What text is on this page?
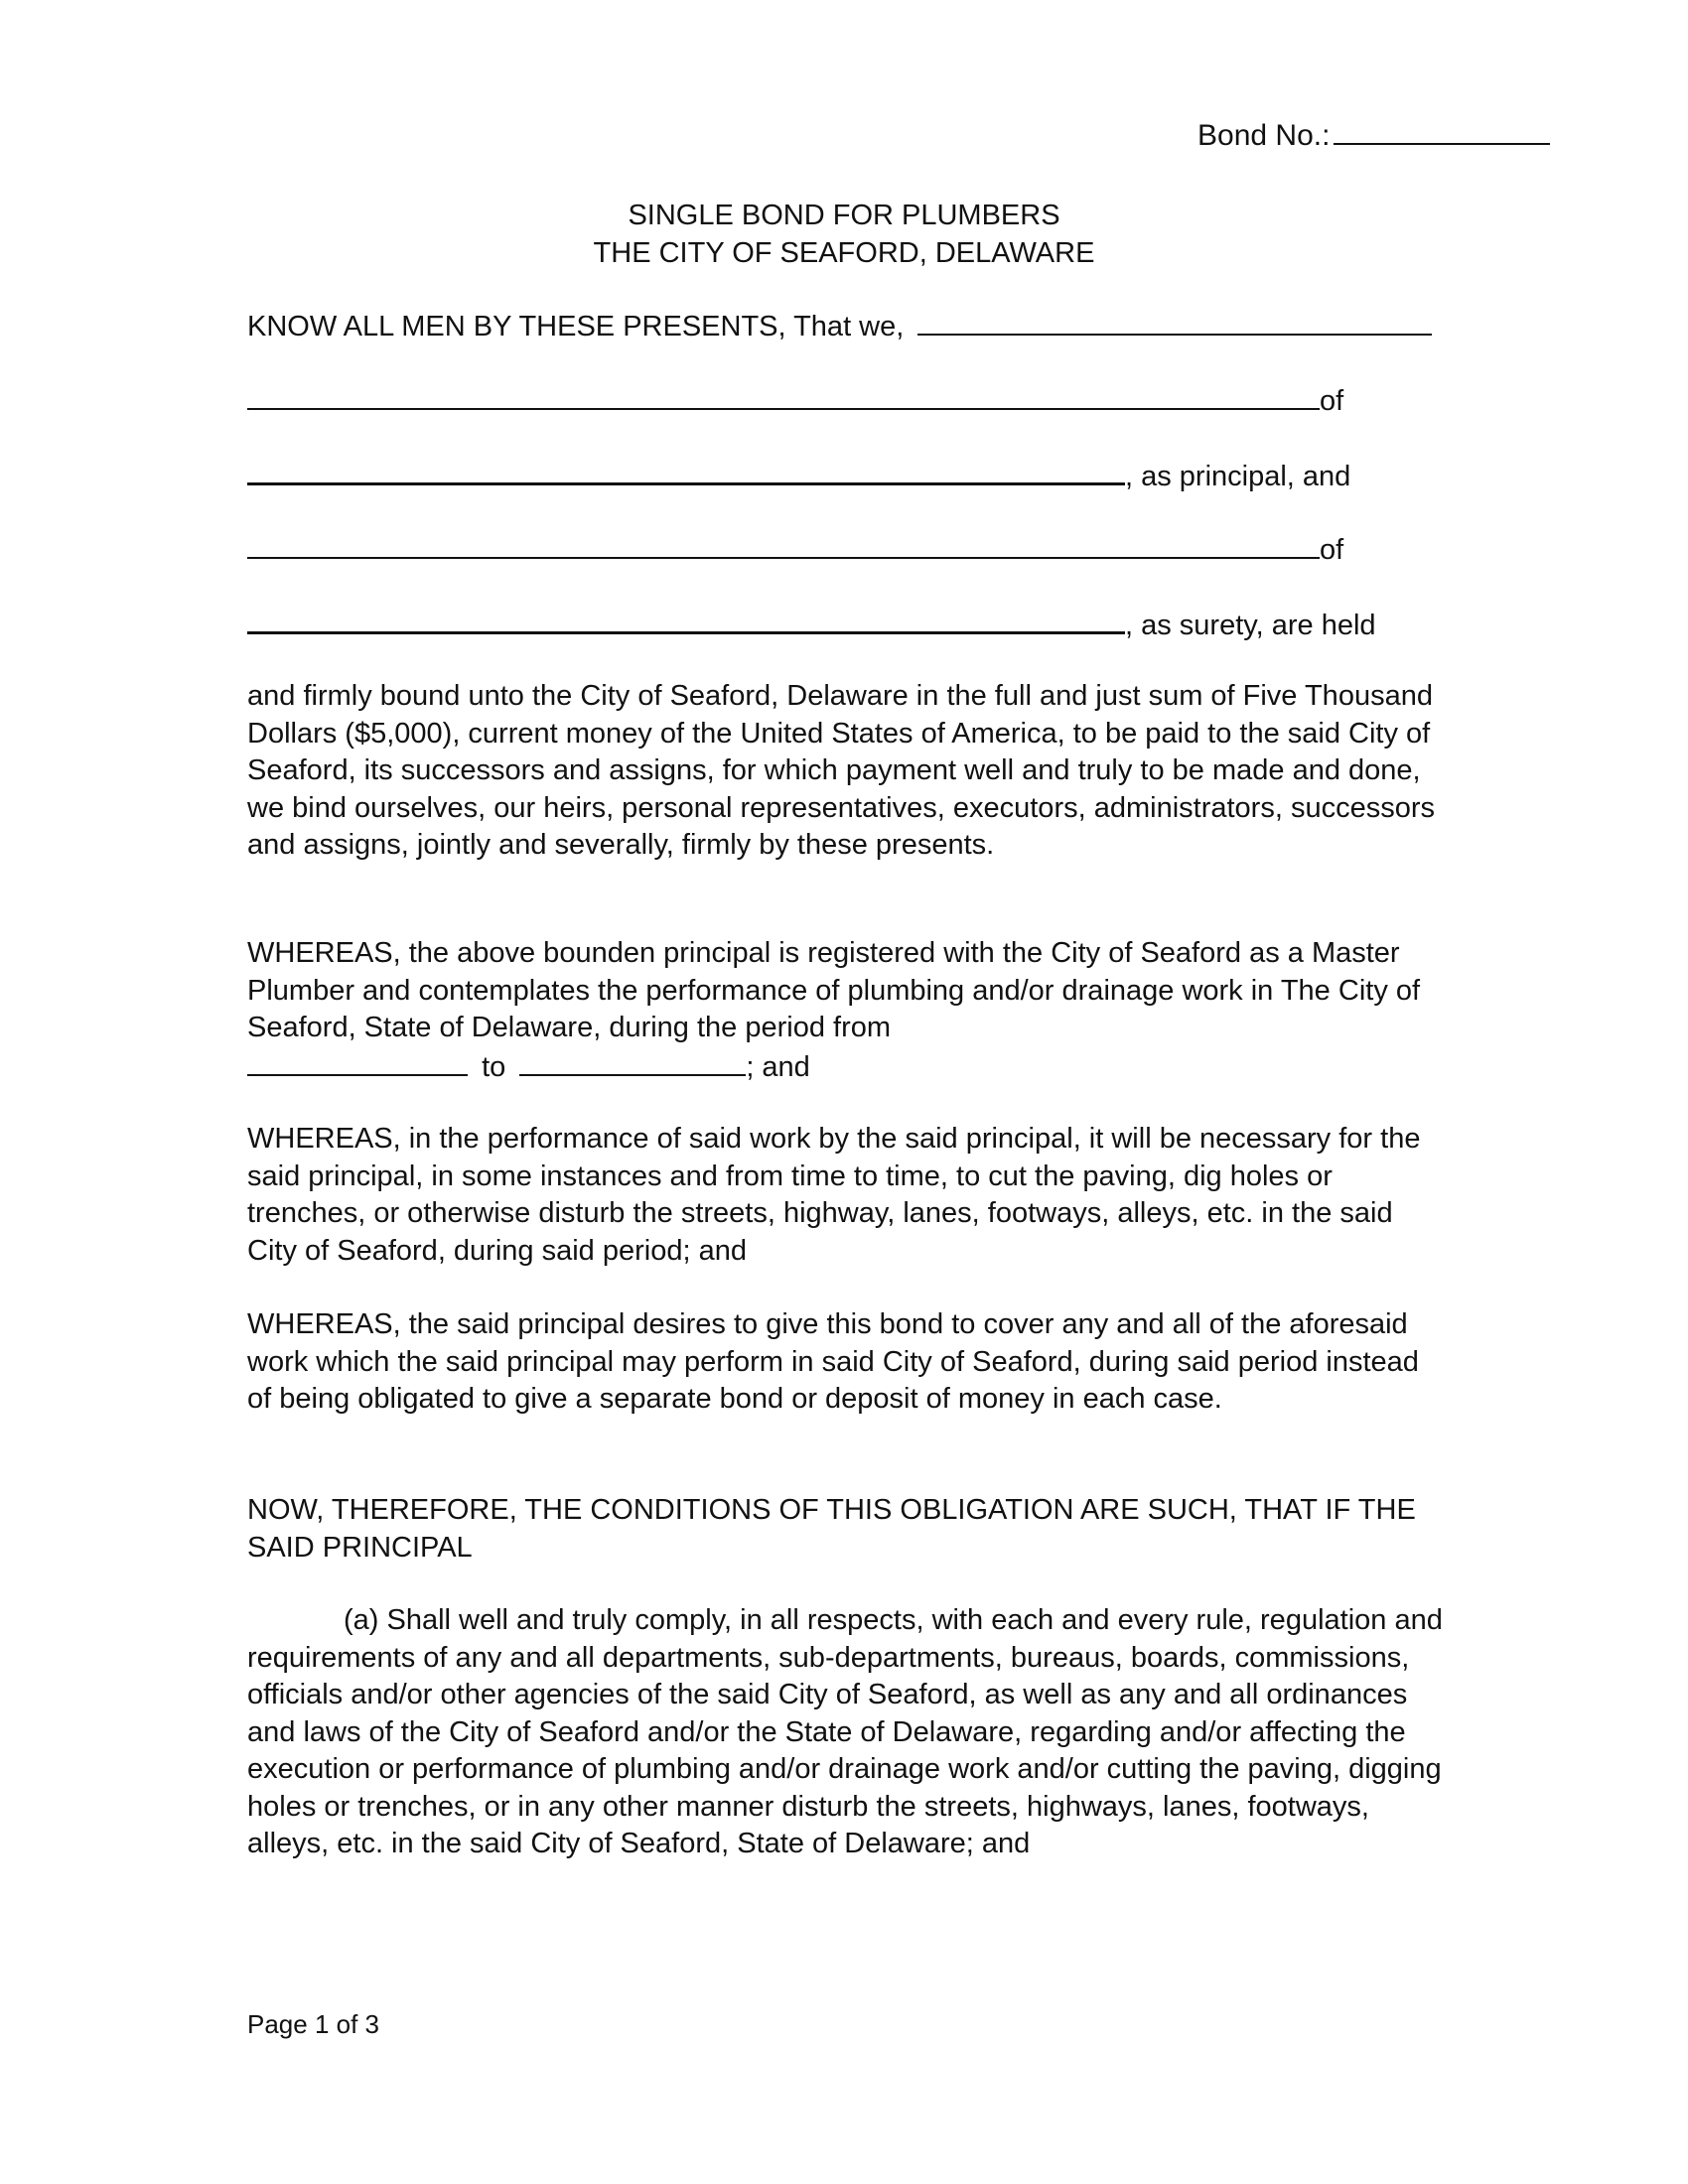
Bond No.:
SINGLE BOND FOR PLUMBERS
THE CITY OF SEAFORD, DELAWARE
KNOW ALL MEN BY THESE PRESENTS, That we,
of
, as principal, and
of
, as surety, are held
and firmly bound unto the City of Seaford, Delaware in the full and just sum of Five Thousand Dollars ($5,000), current money of the United States of America, to be paid to the said City of Seaford, its successors and assigns, for which payment well and truly to be made and done, we bind ourselves, our heirs, personal representatives, executors, administrators, successors and assigns, jointly and severally, firmly by these presents.
WHEREAS, the above bounden principal is registered with the City of Seaford as a Master Plumber and contemplates the performance of plumbing and/or drainage work in The City of Seaford, State of Delaware, during the period from
to	; and
WHEREAS, in the performance of said work by the said principal, it will be necessary for the said principal, in some instances and from time to time, to cut the paving, dig holes or trenches, or otherwise disturb the streets, highway, lanes, footways, alleys, etc. in the said City of Seaford, during said period; and
WHEREAS, the said principal desires to give this bond to cover any and all of the aforesaid work which the said principal may perform in said City of Seaford, during said period instead of being obligated to give a separate bond or deposit of money in each case.
NOW, THEREFORE, THE CONDITIONS OF THIS OBLIGATION ARE SUCH, THAT IF THE SAID PRINCIPAL
(a) Shall well and truly comply, in all respects, with each and every rule, regulation and requirements of any and all departments, sub-departments, bureaus, boards, commissions, officials and/or other agencies of the said City of Seaford, as well as any and all ordinances and laws of the City of Seaford and/or the State of Delaware, regarding and/or affecting the execution or performance of plumbing and/or drainage work and/or cutting the paving, digging holes or trenches, or in any other manner disturb the streets, highways, lanes, footways, alleys, etc. in the said City of Seaford, State of Delaware; and
Page 1 of 3
